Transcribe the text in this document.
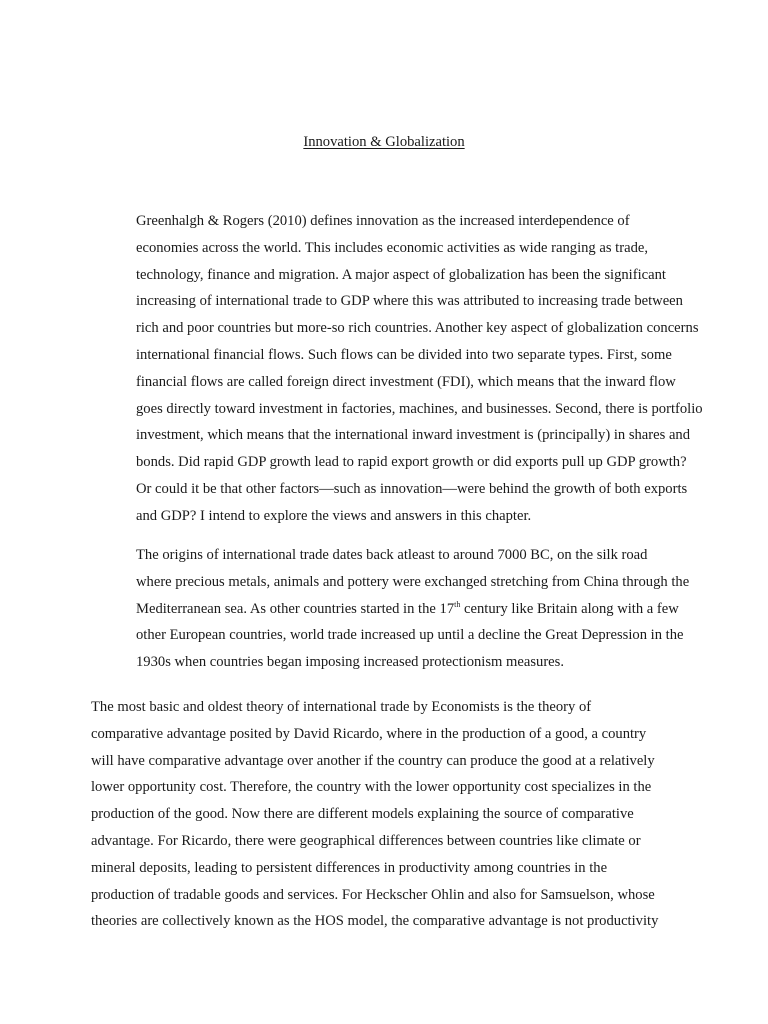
Innovation & Globalization

Greenhalgh & Rogers (2010) defines innovation as the increased interdependence of
economies across the world. This includes economic activities as wide ranging as trade,
technology, finance and migration. A major aspect of globalization has been the significant
increasing of international trade to GDP where this was attributed to increasing trade between
rich and poor countries but more-so rich countries. Another key aspect of globalization concerns
international financial flows. Such flows can be divided into two separate types. First, some
financial flows are called foreign direct investment (FDI), which means that the inward flow
goes directly toward investment in factories, machines, and businesses. Second, there is portfolio
investment, which means that the international inward investment is (principally) in shares and
bonds. Did rapid GDP growth lead to rapid export growth or did exports pull up GDP growth?
Or could it be that other factors—such as innovation—were behind the growth of both exports
and GDP? I intend to explore the views and answers in this chapter.

The origins of international trade dates back atleast to around 7000 BC, on the silk road
where precious metals, animals and pottery were exchanged stretching from China through the
Mediterranean sea. As other countries started in the 17th century like Britain along with a few
other European countries, world trade increased up until a decline the Great Depression in the
1930s when countries began imposing increased protectionism measures.

The most basic and oldest theory of international trade by Economists is the theory of
comparative advantage posited by David Ricardo, where in the production of a good, a country
will have comparative advantage over another if the country can produce the good at a relatively
lower opportunity cost. Therefore, the country with the lower opportunity cost specializes in the
production of the good. Now there are different models explaining the source of comparative
advantage. For Ricardo, there were geographical differences between countries like climate or
mineral deposits, leading to persistent differences in productivity among countries in the
production of tradable goods and services. For Heckscher Ohlin and also for Samsuelson, whose
theories are collectively known as the HOS model, the comparative advantage is not productivity
